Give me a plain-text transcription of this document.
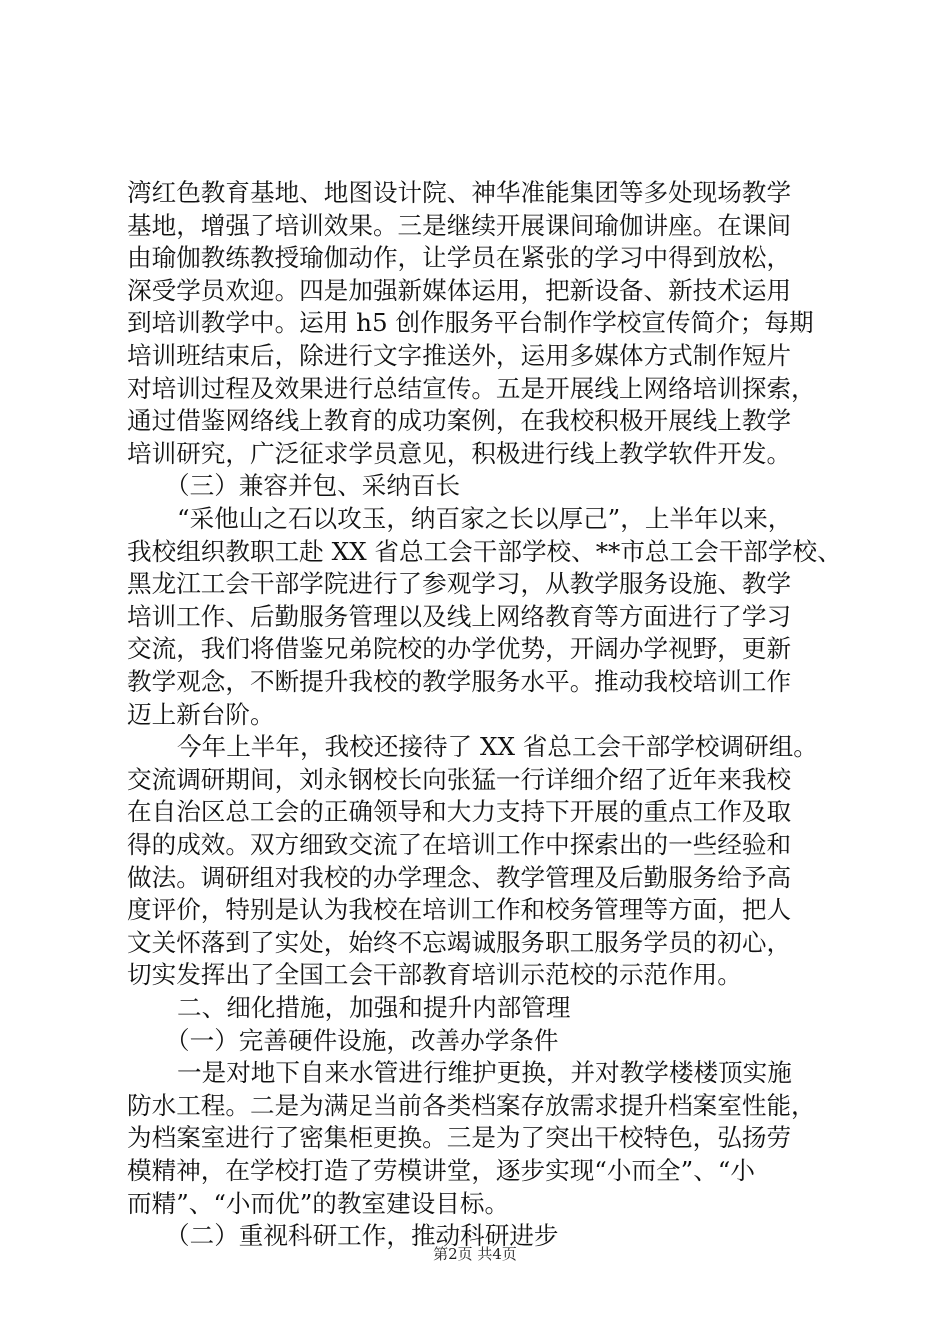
湾红色教育基地、地图设计院、神华准能集团等多处现场教学
基地，增强了培训效果。三是继续开展课间瑜伽讲座。在课间
由瑜伽教练教授瑜伽动作，让学员在紧张的学习中得到放松，
深受学员欢迎。四是加强新媒体运用，把新设备、新技术运用
到培训教学中。运用 h5 创作服务平台制作学校宣传简介；每期
培训班结束后，除进行文字推送外，运用多媒体方式制作短片
对培训过程及效果进行总结宣传。五是开展线上网络培训探索，
通过借鉴网络线上教育的成功案例，在我校积极开展线上教学
培训研究，广泛征求学员意见，积极进行线上教学软件开发。
（三）兼容并包、采纳百长
“采他山之石以攻玉，纳百家之长以厚己”，上半年以来，
我校组织教职工赴 XX 省总工会干部学校、**市总工会干部学校、
黑龙江工会干部学院进行了参观学习，从教学服务设施、教学
培训工作、后勤服务管理以及线上网络教育等方面进行了学习
交流，我们将借鉴兄弟院校的办学优势，开阔办学视野，更新
教学观念，不断提升我校的教学服务水平。推动我校培训工作
迈上新台阶。
今年上半年，我校还接待了 XX 省总工会干部学校调研组。
交流调研期间，刘永钢校长向张猛一行详细介绍了近年来我校
在自治区总工会的正确领导和大力支持下开展的重点工作及取
得的成效。双方细致交流了在培训工作中探索出的一些经验和
做法。调研组对我校的办学理念、教学管理及后勤服务给予高
度评价，特别是认为我校在培训工作和校务管理等方面，把人
文关怀落到了实处，始终不忘竭诚服务职工服务学员的初心，
切实发挥出了全国工会干部教育培训示范校的示范作用。
二、细化措施，加强和提升内部管理
（一）完善硬件设施，改善办学条件
一是对地下自来水管进行维护更换，并对教学楼楼顶实施
防水工程。二是为满足当前各类档案存放需求提升档案室性能，
为档案室进行了密集柜更换。三是为了突出干校特色，弘扬劳
模精神，在学校打造了劳模讲堂，逐步实现“小而全”、“小
而精”、“小而优”的教室建设目标。
（二）重视科研工作，推动科研进步
第2页 共4页
